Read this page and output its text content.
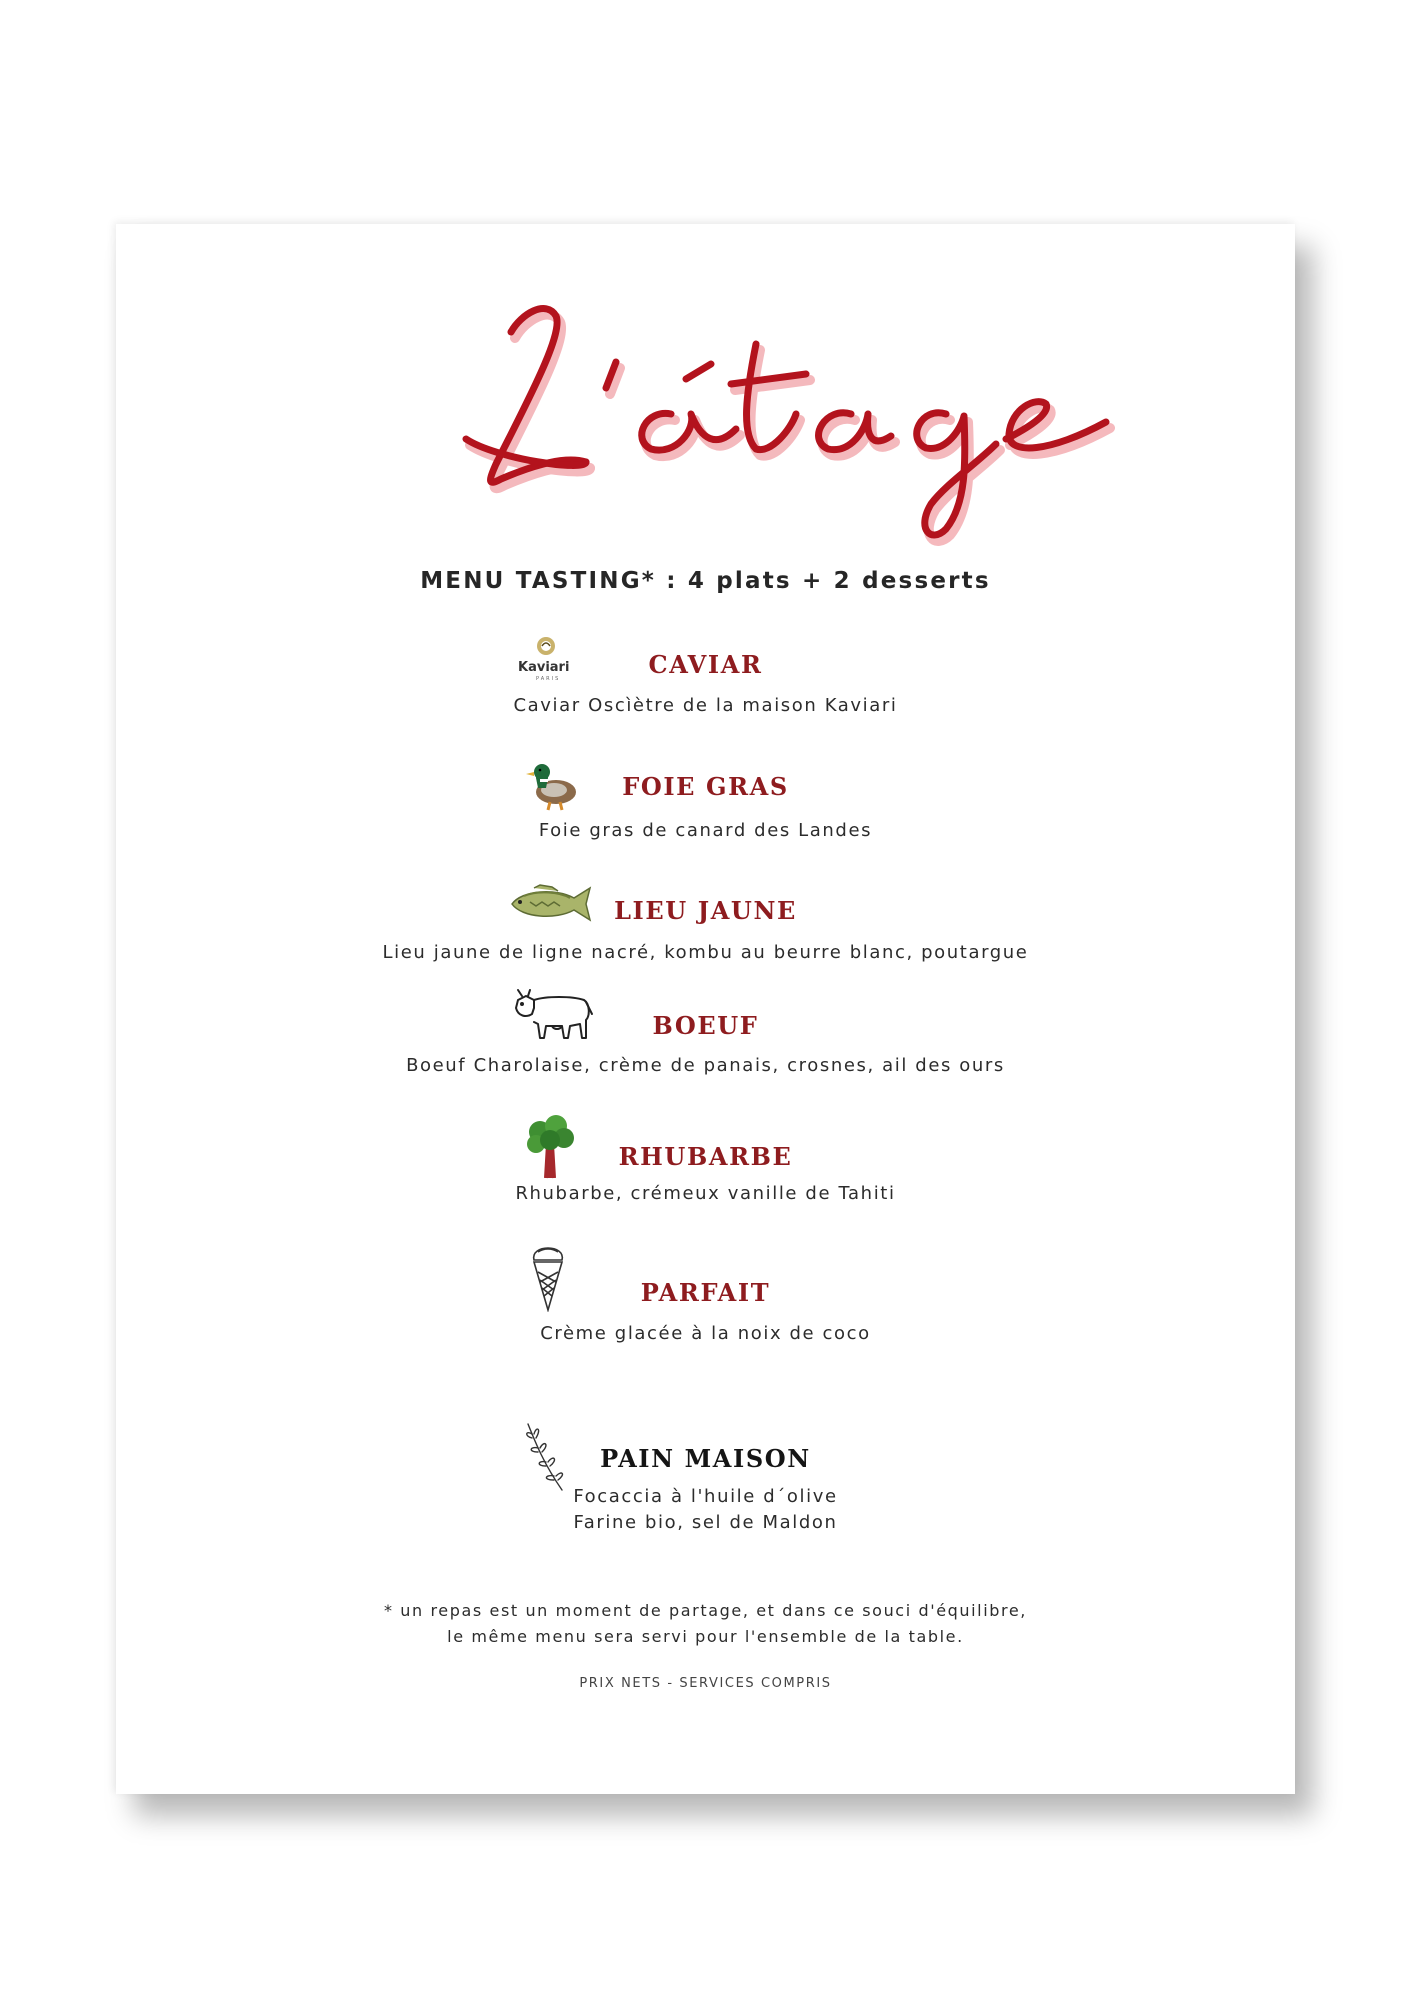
MENU TASTING* : 4 plats + 2 desserts
Kaviari
PARIS	CAVIAR
Caviar Oscìètre de la maison Kaviari
FOIE GRAS
Foie gras de canard des Landes
LIEU JAUNE
Lieu jaune de ligne nacré, kombu au beurre blanc, poutargue
BOEUF
Boeuf Charolaise, crème de panais, crosnes, ail des ours
RHUBARBE
Rhubarbe, crémeux vanille de Tahiti
PARFAIT
Crème glacée à la noix de coco
PAIN MAISON
Focaccia à l'huile d´olive
Farine bio, sel de Maldon
* un repas est un moment de partage, et dans ce souci d'équilibre,
le même menu sera servi pour l'ensemble de la table.
PRIX NETS - SERVICES COMPRIS
